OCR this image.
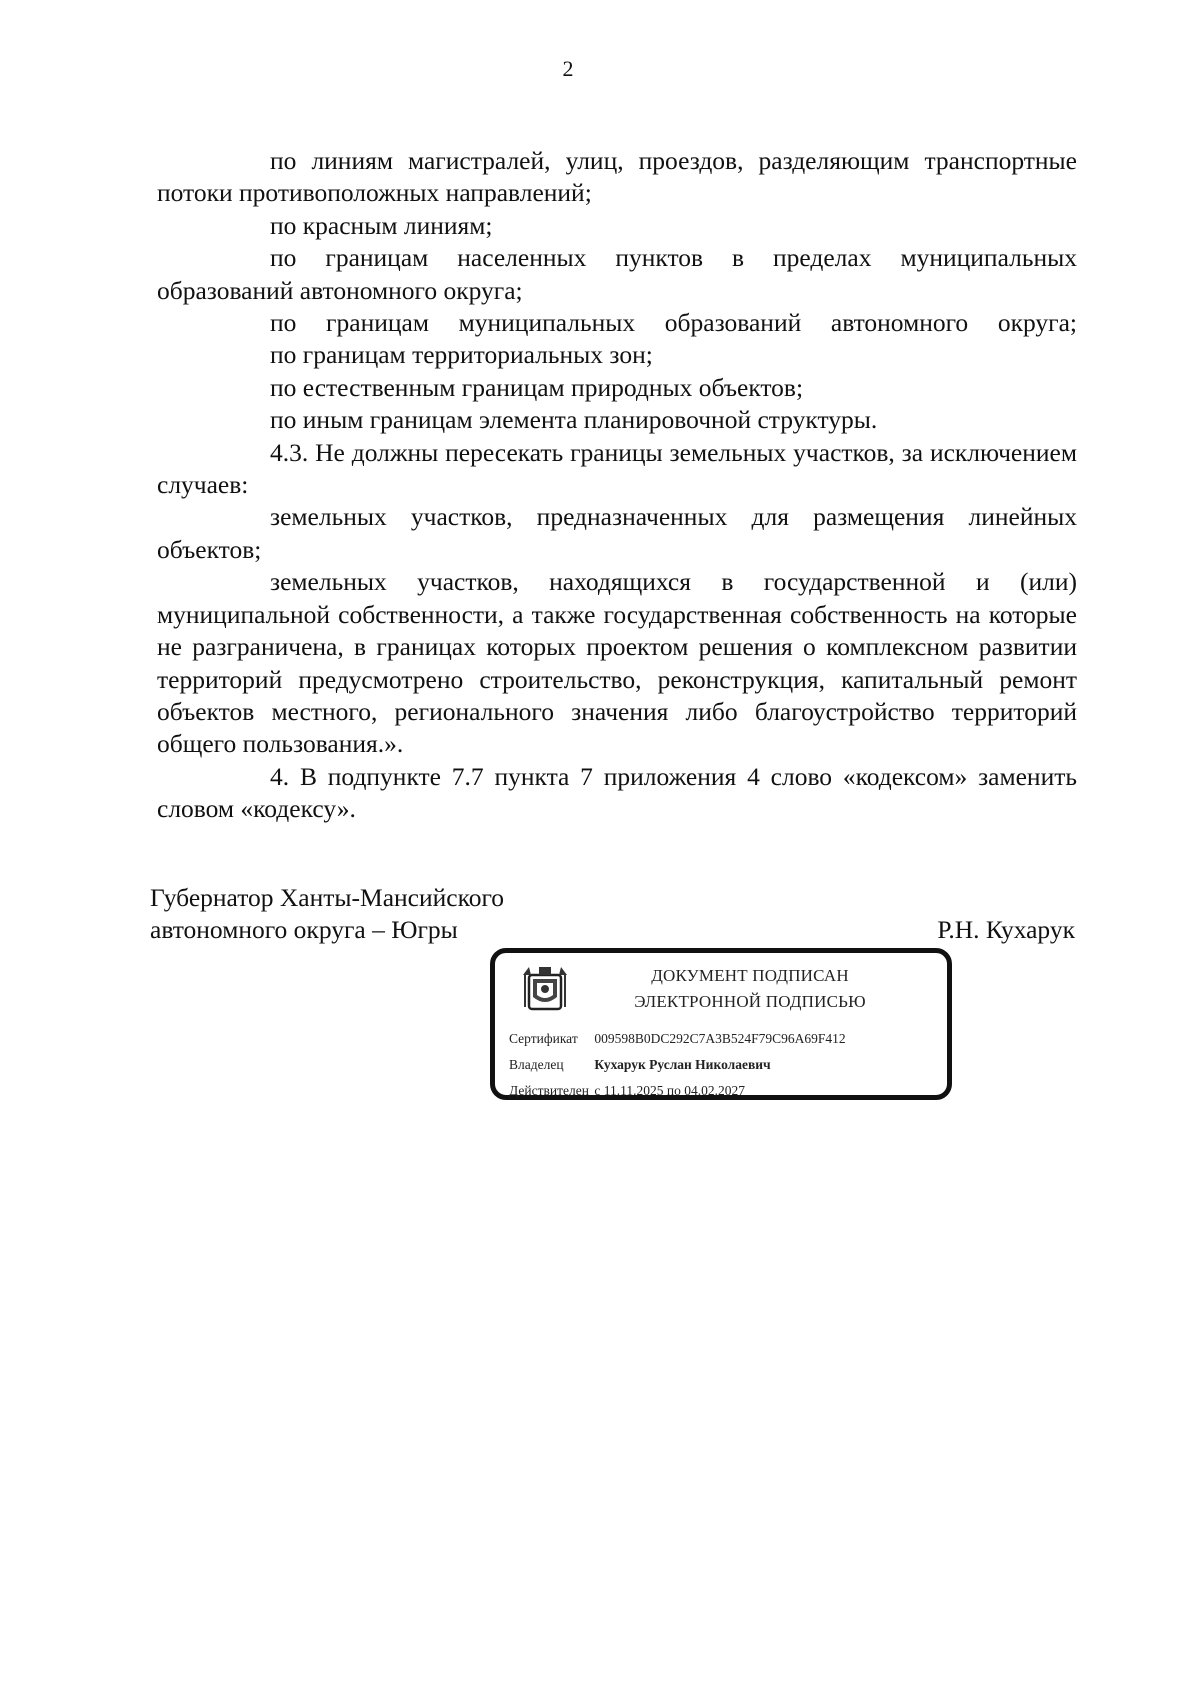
2

по линиям магистралей, улиц, проездов, разделяющим транспортные потоки противоположных направлений;

по красным линиям;

по границам населенных пунктов в пределах муниципальных образований автономного округа;

по границам муниципальных образований автономного округа;

по границам территориальных зон;

по естественным границам природных объектов;

по иным границам элемента планировочной структуры.

4.3. Не должны пересекать границы земельных участков, за исключением случаев:

земельных участков, предназначенных для размещения линейных объектов;

земельных участков, находящихся в государственной и (или) муниципальной собственности, а также государственная собственность на которые не разграничена, в границах которых проектом решения о комплексном развитии территорий предусмотрено строительство, реконструкция, капитальный ремонт объектов местного, регионального значения либо благоустройство территорий общего пользования.».

4. В подпункте 7.7 пункта 7 приложения 4 слово «кодексом» заменить словом «кодексу».

Губернатор Ханты-Мансийского
автономного округа – Югры	Р.Н. Кухарук
ДОКУМЕНТ ПОДПИСАН
ЭЛЕКТРОННОЙ ПОДПИСЬЮ
Сертификат 009598B0DC292C7A3B524F79C96A69F412
Владелец Кухарук Руслан Николаевич
Действителен с 11.11.2025 по 04.02.2027
